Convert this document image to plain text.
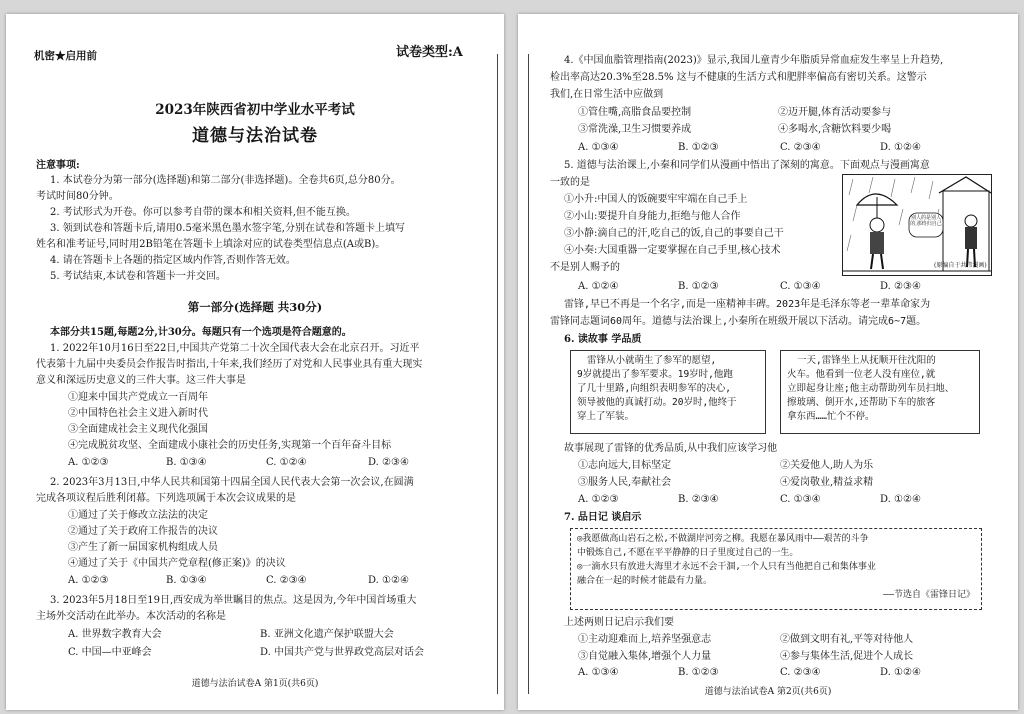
机密★启用前	试卷类型:A
2023年陕西省初中学业水平考试
道德与法治试卷
注意事项:
1. 本试卷分为第一部分(选择题)和第二部分(非选择题)。全卷共6页,总分80分。
考试时间80分钟。
2. 考试形式为开卷。你可以参考自带的课本和相关资料,但不能互换。
3. 领到试卷和答题卡后,请用0.5毫米黑色墨水签字笔,分别在试卷和答题卡上填写
姓名和准考证号,同时用2B铅笔在答题卡上填涂对应的试卷类型信息点(A或B)。
4. 请在答题卡上各题的指定区域内作答,否则作答无效。
5. 考试结束,本试卷和答题卡一并交回。
第一部分(选择题 共30分)
本部分共15题,每题2分,计30分。每题只有一个选项是符合题意的。
1. 2022年10月16日至22日,中国共产党第二十次全国代表大会在北京召开。习近平
代表第十九届中央委员会作报告时指出,十年来,我们经历了对党和人民事业具有重大现实
意义和深远历史意义的三件大事。这三件大事是
①迎来中国共产党成立一百周年
②中国特色社会主义进入新时代
③全面建成社会主义现代化强国
④完成脱贫攻坚、全面建成小康社会的历史任务,实现第一个百年奋斗目标
A. ①②③	B. ①③④	C. ①②④	D. ②③④
2. 2023年3月13日,中华人民共和国第十四届全国人民代表大会第一次会议,在圆满
完成各项议程后胜利闭幕。下列选项属于本次会议成果的是
①通过了关于修改立法法的决定
②通过了关于政府工作报告的决议
③产生了新一届国家机构组成人员
④通过了关于《中国共产党章程(修正案)》的决议
A. ①②③	B. ①③④	C. ②③④	D. ①②④
3. 2023年5月18日至19日,西安成为举世瞩目的焦点。这是因为,今年中国首场重大
主场外交活动在此举办。本次活动的名称是
A. 世界数字教育大会	B. 亚洲文化遗产保护联盟大会
C. 中国—中亚峰会	D. 中国共产党与世界政党高层对话会
道德与法治试卷A 第1页(共6页)
4.《中国血脂管理指南(2023)》显示,我国儿童青少年脂质异常血症发生率呈上升趋势,
检出率高达20.3%至28.5% 这与不健康的生活方式和肥胖率偏高有密切关系。这警示
我们,在日常生活中应做到
①管住嘴,高脂食品要控制	②迈开腿,体育活动要参与
③常洗澡,卫生习惯要养成	④多喝水,含糖饮料要少喝
A. ①③④	B. ①②③	C. ②③④	D. ①②④
5. 道德与法治课上,小秦和同学们从漫画中悟出了深刻的寓意。下面观点与漫画寓意
一致的是
①小升:中国人的饭碗要牢牢端在自己手上
②小山:要提升自身能力,拒绝与他人合作
③小静:滴自己的汗,吃自己的饭,自己的事要自己干
④小奏:大国重器一定要掌握在自己手里,核心技术
不是别人赐予的
别人的是别人的,那终归自己
(原编自于共伟漫画)
A. ①②④	B. ①②③	C. ①③④	D. ②③④
雷锋,早已不再是一个名字,而是一座精神丰碑。2023年是毛泽东等老一辈革命家为
雷锋同志题词60周年。道德与法治课上,小秦所在班级开展以下活动。请完成6~7题。
6. 读故事 学品质
雷锋从小就萌生了参军的愿望,
9岁就提出了参军要求。19岁时,他跑
了几十里路,向组织表明参军的决心,
领导被他的真诚打动。20岁时,他终于
穿上了军装。
一天,雷锋坐上从抚顺开往沈阳的
火车。他看到一位老人没有座位,就
立即起身让座;他主动帮助列车员扫地、
擦玻璃、倒开水,还帮助下车的旅客
拿东西……忙个不停。
故事展现了雷锋的优秀品质,从中我们应该学习他
①志向远大,目标坚定	②关爱他人,助人为乐
③服务人民,奉献社会	④爱岗敬业,精益求精
A. ①②③	B. ②③④	C. ①③④	D. ①②④
7. 品日记 谈启示
◎我愿做高山岩石之松,不做湖岸河旁之柳。我愿在暴风雨中——艰苦的斗争
中锻炼自己,不愿在平平静静的日子里度过自己的一生。
◎一滴水只有放进大海里才永远不会干涸,一个人只有当他把自己和集体事业
融合在一起的时候才能最有力量。
——节选自《雷锋日记》
上述两则日记启示我们要
①主动迎难而上,培养坚强意志	②做到文明有礼,平等对待他人
③自觉融入集体,增强个人力量	④参与集体生活,促进个人成长
A. ①③④	B. ①②③	C. ②③④	D. ①②④
道德与法治试卷A 第2页(共6页)
